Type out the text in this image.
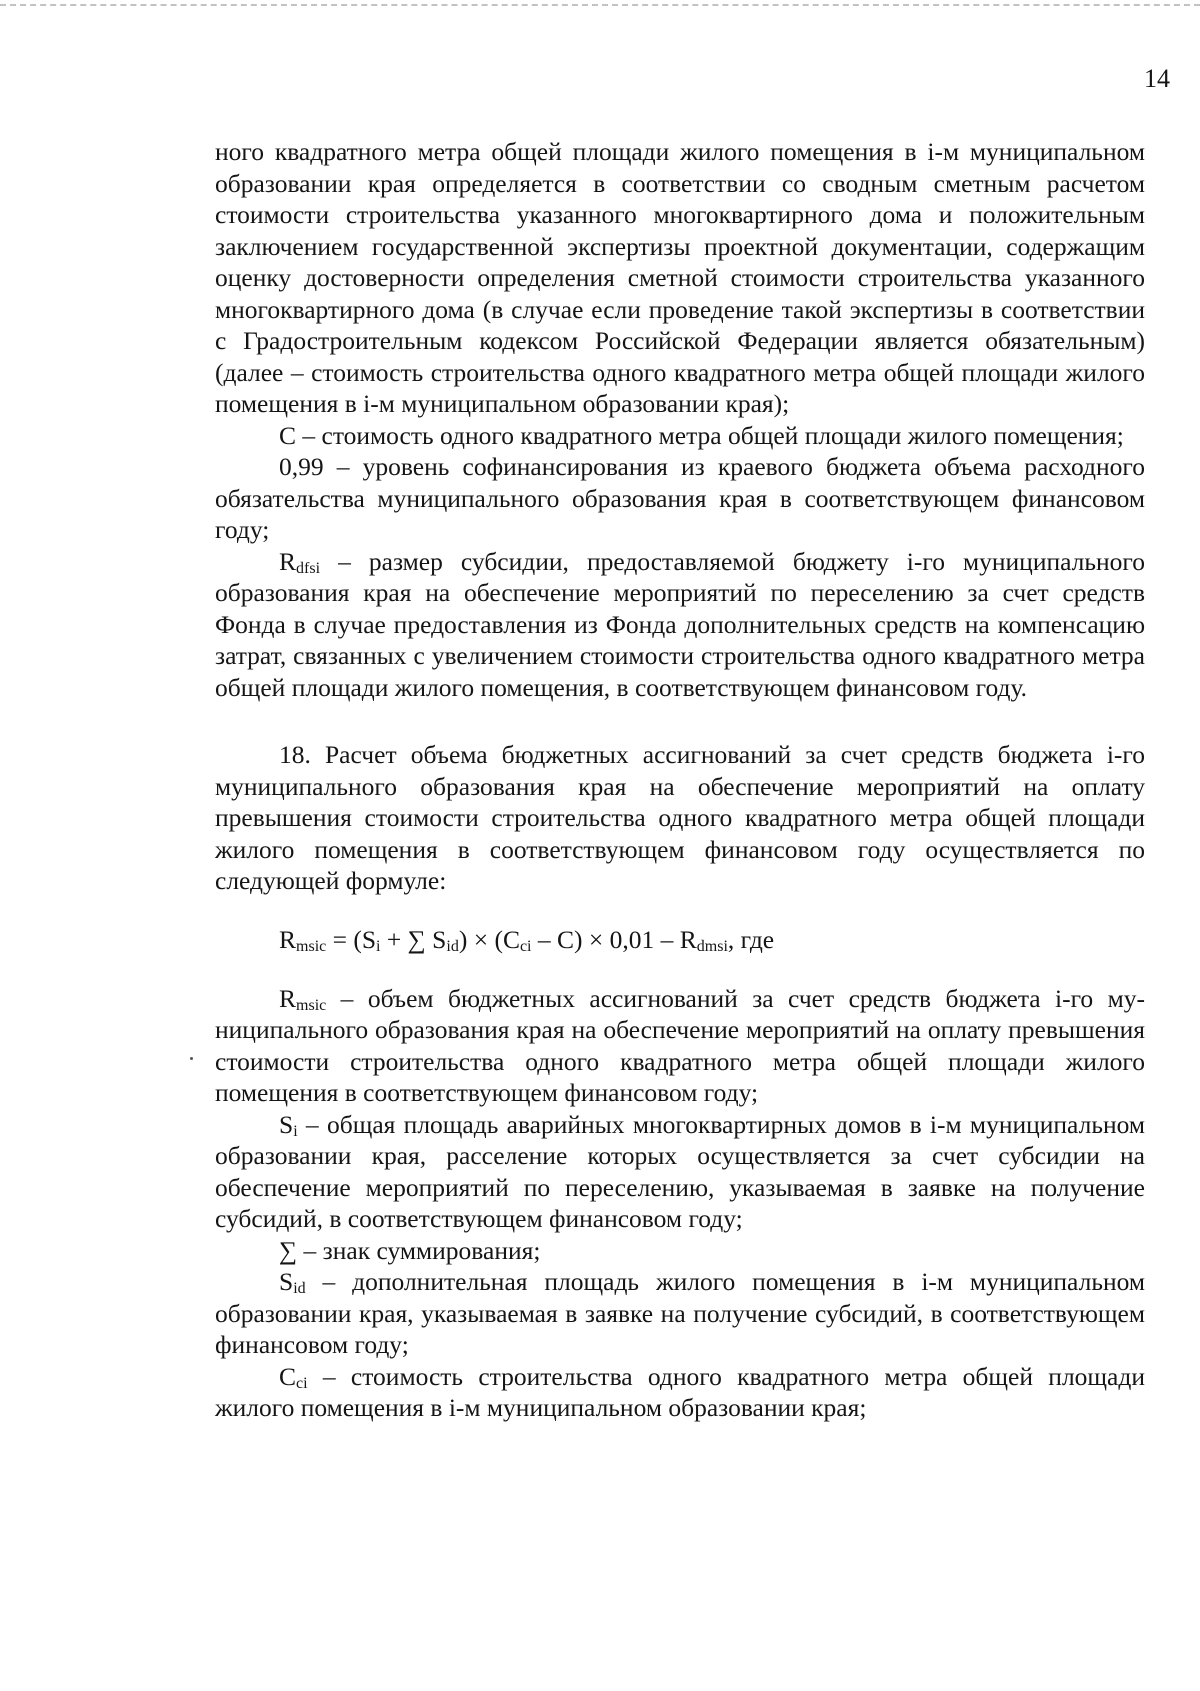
14

ного квадратного метра общей площади жилого помещения в i-м муниципальном образовании края определяется в соответствии со сводным сметным расчетом стоимости строительства указанного многоквартирного дома и положительным заключением государственной экспертизы проектной документации, содержащим оценку достоверности определения сметной стоимости строительства указанного многоквартирного дома (в случае если проведение такой экспертизы в соответствии с Градостроительным кодексом Российской Федерации является обязательным) (далее – стоимость строительства одного квадратного метра общей площади жилого помещения в i-м муниципальном образовании края);

С – стоимость одного квадратного метра общей площади жилого помещения;

0,99 – уровень софинансирования из краевого бюджета объема расходного обязательства муниципального образования края в соответствующем финансовом году;

$R_{dfsi}$ – размер субсидии, предоставляемой бюджету i-го муниципального образования края на обеспечение мероприятий по переселению за счет средств Фонда в случае предоставления из Фонда дополнительных средств на компенсацию затрат, связанных с увеличением стоимости строительства одного квадратного метра общей площади жилого помещения, в соответствующем финансовом году.

18. Расчет объема бюджетных ассигнований за счет средств бюджета i-го муниципального образования края на обеспечение мероприятий на оплату превышения стоимости строительства одного квадратного метра общей площади жилого помещения в соответствующем финансовом году осуществляется по следующей формуле:

$R_{msic} = (S_i$ + ∑ $S_{id}) \times (C_{ci} - C) \times 0,01 - R_{dmsi}$, где

$R_{msic}$ – объем бюджетных ассигнований за счет средств бюджета i-го муниципального образования края на обеспечение мероприятий на оплату превышения стоимости строительства одного квадратного метра общей площади жилого помещения в соответствующем финансовом году;

$S_i$ – общая площадь аварийных многоквартирных домов в i-м муниципальном образовании края, расселение которых осуществляется за счет субсидии на обеспечение мероприятий по переселению, указываемая в заявке на получение субсидий, в соответствующем финансовом году;

∑ – знак суммирования;

$S_{id}$ – дополнительная площадь жилого помещения в i-м муниципальном образовании края, указываемая в заявке на получение субсидий, в соответствующем финансовом году;

$C_{ci}$ – стоимость строительства одного квадратного метра общей площади жилого помещения в i-м муниципальном образовании края;
